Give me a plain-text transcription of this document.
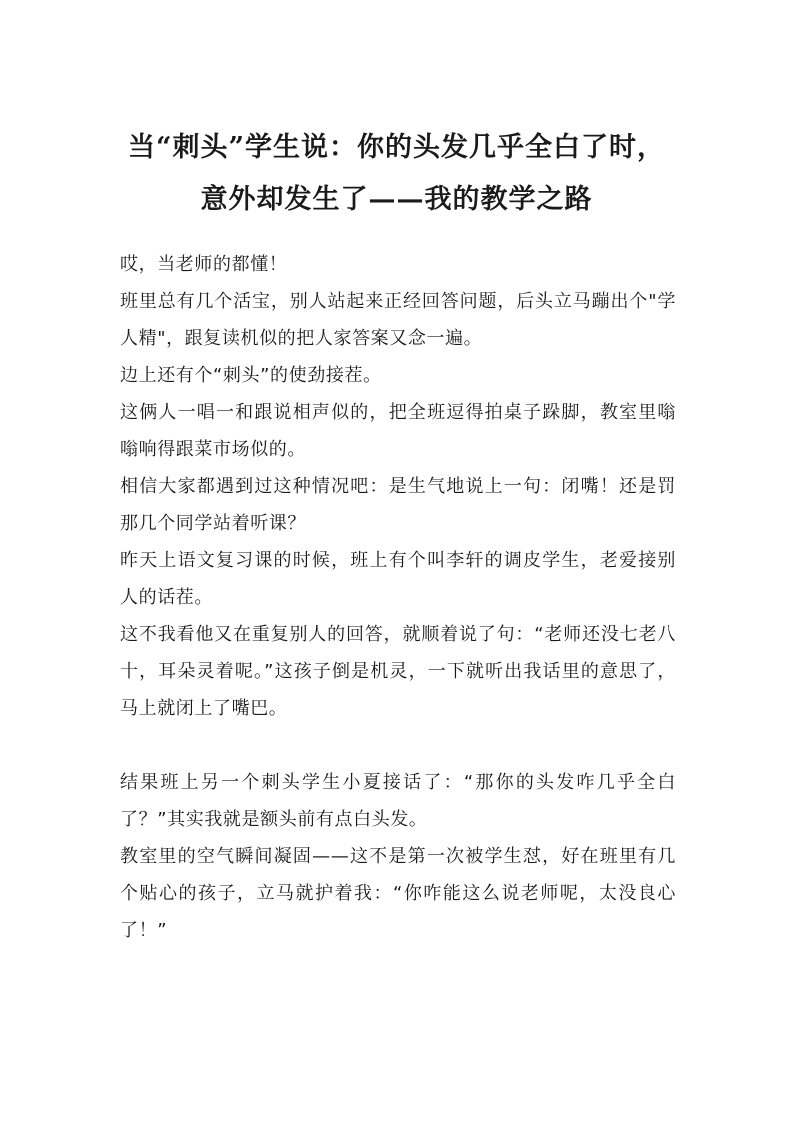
当“刺头”学生说：你的头发几乎全白了时，
意外却发生了——我的教学之路

哎，当老师的都懂！

班里总有几个活宝，别人站起来正经回答问题，后头立马蹦出个"学人精"，跟复读机似的把人家答案又念一遍。

边上还有个“刺头”的使劲接茬。

这俩人一唱一和跟说相声似的，把全班逗得拍桌子跺脚，教室里嗡嗡响得跟菜市场似的。

相信大家都遇到过这种情况吧：是生气地说上一句：闭嘴！还是罚那几个同学站着听课？

昨天上语文复习课的时候，班上有个叫李轩的调皮学生，老爱接别人的话茬。

这不我看他又在重复别人的回答，就顺着说了句：“老师还没七老八十，耳朵灵着呢。”这孩子倒是机灵，一下就听出我话里的意思了，马上就闭上了嘴巴。

结果班上另一个刺头学生小夏接话了：“那你的头发咋几乎全白了？”其实我就是额头前有点白头发。

教室里的空气瞬间凝固——这不是第一次被学生怼，好在班里有几个贴心的孩子，立马就护着我：“你咋能这么说老师呢，太没良心了！”
